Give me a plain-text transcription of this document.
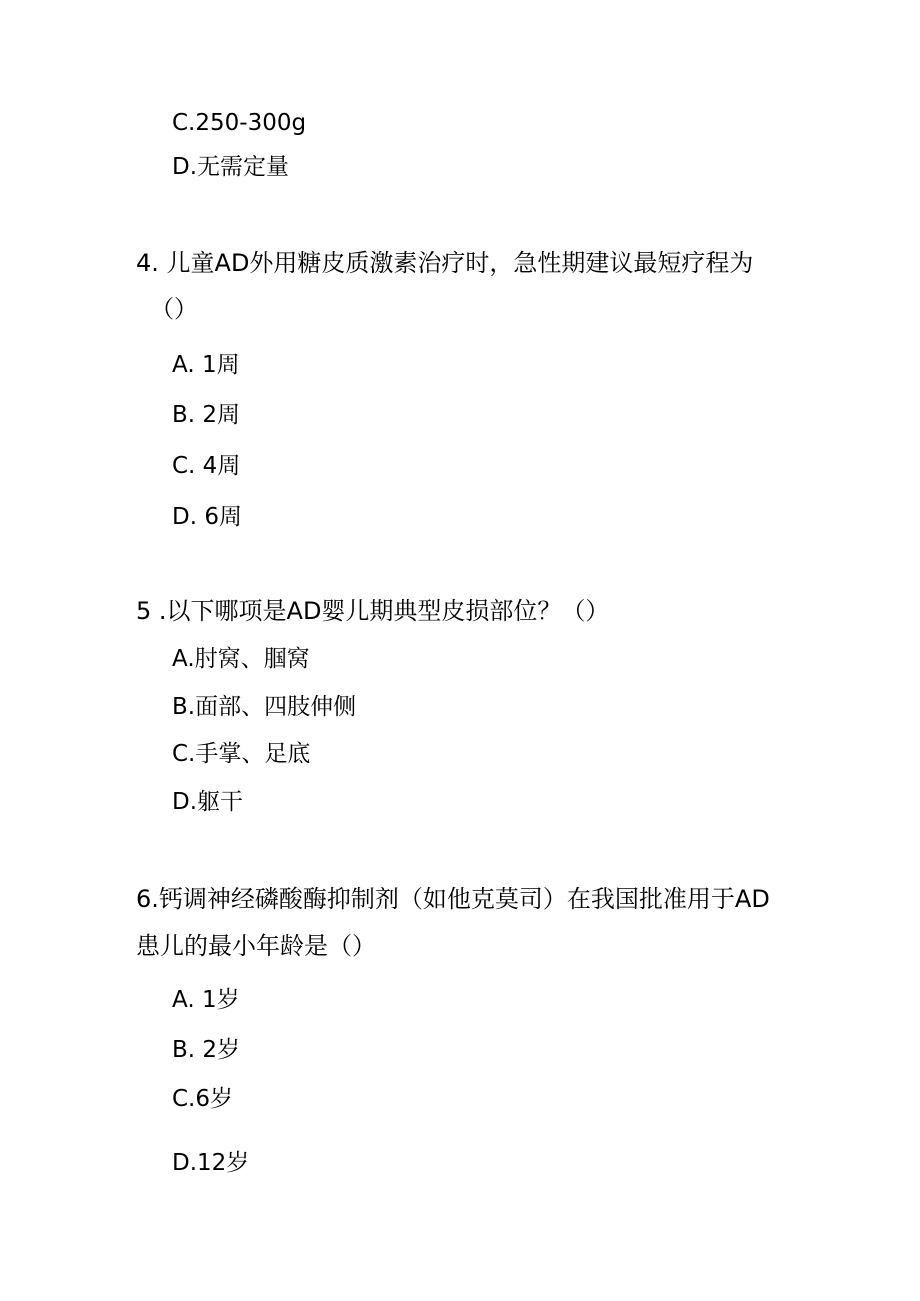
C.250-300g
D.无需定量
4. 儿童AD外用糖皮质激素治疗时，急性期建议最短疗程为
（）
A. 1周
B. 2周
C. 4周
D. 6周
5 .以下哪项是AD婴儿期典型皮损部位？（）
A.肘窝、腘窝
B.面部、四肢伸侧
C.手掌、足底
D.躯干
6.钙调神经磷酸酶抑制剂（如他克莫司）在我国批准用于AD
患儿的最小年龄是（）
A. 1岁
B. 2岁
C.6岁
D.12岁
